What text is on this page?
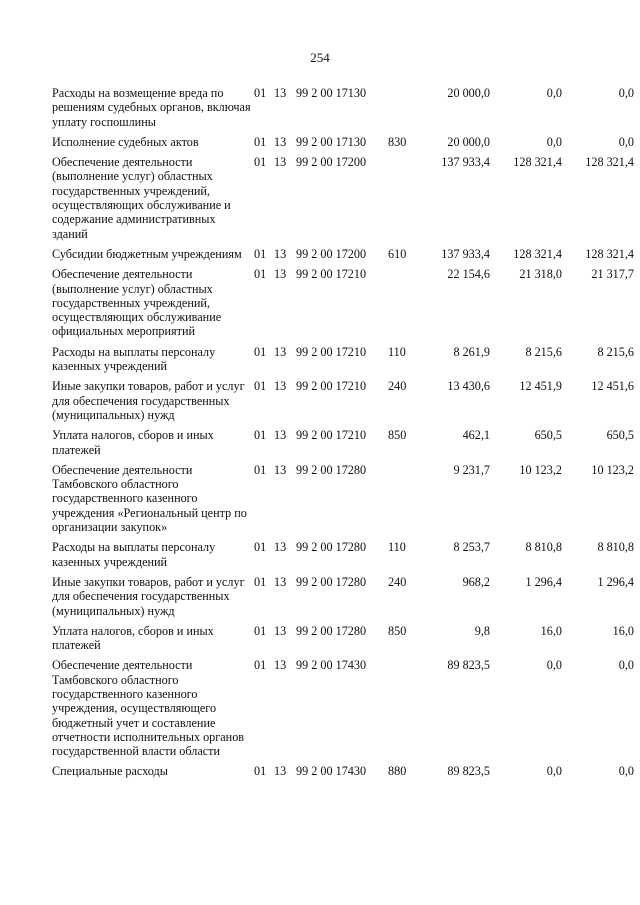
254
Расходы на возмещение вреда по решениям судебных органов, включая уплату госпошлины	01	13	99 2 00 17130		20 000,0	0,0	0,0
Исполнение судебных актов	01	13	99 2 00 17130	830	20 000,0	0,0	0,0
Обеспечение деятельности (выполнение услуг) областных государственных учреждений, осуществляющих обслуживание и содержание административных зданий	01	13	99 2 00 17200		137 933,4	128 321,4	128 321,4
Субсидии бюджетным учреждениям	01	13	99 2 00 17200	610	137 933,4	128 321,4	128 321,4
Обеспечение деятельности (выполнение услуг) областных государственных учреждений, осуществляющих обслуживание официальных мероприятий	01	13	99 2 00 17210		22 154,6	21 318,0	21 317,7
Расходы на выплаты персоналу казенных учреждений	01	13	99 2 00 17210	110	8 261,9	8 215,6	8 215,6
Иные закупки товаров, работ и услуг для обеспечения государственных (муниципальных) нужд	01	13	99 2 00 17210	240	13 430,6	12 451,9	12 451,6
Уплата налогов, сборов и иных платежей	01	13	99 2 00 17210	850	462,1	650,5	650,5
Обеспечение деятельности Тамбовского областного государственного казенного учреждения «Региональный центр по организации закупок»	01	13	99 2 00 17280		9 231,7	10 123,2	10 123,2
Расходы на выплаты персоналу казенных учреждений	01	13	99 2 00 17280	110	8 253,7	8 810,8	8 810,8
Иные закупки товаров, работ и услуг для обеспечения государственных (муниципальных) нужд	01	13	99 2 00 17280	240	968,2	1 296,4	1 296,4
Уплата налогов, сборов и иных платежей	01	13	99 2 00 17280	850	9,8	16,0	16,0
Обеспечение деятельности Тамбовского областного государственного казенного учреждения, осуществляющего бюджетный учет и составление отчетности исполнительных органов государственной власти области	01	13	99 2 00 17430		89 823,5	0,0	0,0
Специальные расходы	01	13	99 2 00 17430	880	89 823,5	0,0	0,0
